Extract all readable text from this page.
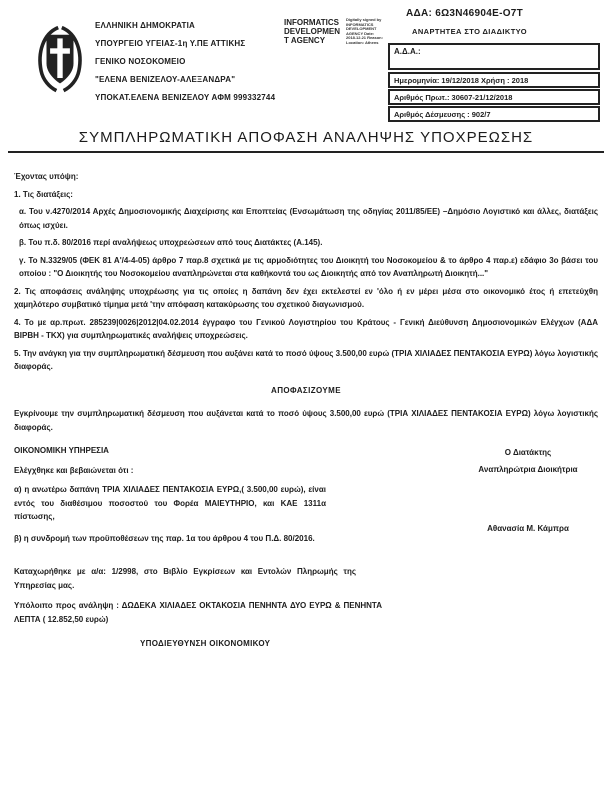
ΑΔΑ: 6Ω3N46904E-O7T
ΑΝΑΡΤΗΤΕΑ ΣΤΟ ΔΙΑΔΙΚΤΥΟ
ΕΛΛΗΝΙΚΗ ΔΗΜΟΚΡΑΤΙΑ
ΥΠΟΥΡΓΕΙΟ ΥΓΕΙΑΣ-1η Υ.ΠΕ ΑΤΤΙΚΗΣ
ΓΕΝΙΚΟ ΝΟΣΟΚΟΜΕΙΟ
"ΕΛΕΝΑ ΒΕΝΙΖΕΛΟΥ-ΑΛΕΞΑΝΔΡΑ"
ΥΠΟΚΑΤ.ΕΛΕΝΑ ΒΕΝΙΖΕΛΟΥ ΑΦΜ 999332744
INFORMATICS DEVELOPMEN T AGENCY
Digitally signed by INFORMATICS DEVELOPMENT AGENCY Date: 2018.12.21 Reason: Location: Athens
Α.Δ.Α.:
Ημερομηνία: 19/12/2018 Χρήση : 2018
Αριθμός Πρωτ.: 30607-21/12/2018
Αριθμός Δέσμευσης : 902/7
ΣΥΜΠΛΗΡΩΜΑΤΙΚΗ ΑΠΟΦΑΣΗ ΑΝΑΛΗΨΗΣ ΥΠΟΧΡΕΩΣΗΣ
Έχοντας υπόψη:
1. Τις διατάξεις:
α. Του ν.4270/2014 Αρχές Δημοσιονομικής Διαχείρισης και Εποπτείας (Ενσωμάτωση της οδηγίας 2011/85/ΕΕ) –Δημόσιο Λογιστικό και άλλες, διατάξεις όπως ισχύει.
β. Του π.δ. 80/2016 περί αναλήψεως υποχρεώσεων από τους Διατάκτες (Α.145).
γ. Το Ν.3329/05 (ΦΕΚ 81 Α'/4-4-05) άρθρο 7 παρ.8 σχετικά με τις αρμοδιότητες του Διοικητή του Νοσοκομείου & το άρθρο 4 παρ.ε) εδάφιο 3ο βάσει του οποίου : "Ο Διοικητής του Νοσοκομείου αναπληρώνεται στα καθήκοντά του ως Διοικητής από τον Αναπληρωτή Διοικητή..."
2. Τις αποφάσεις ανάληψης υποχρέωσης για τις οποίες η δαπάνη δεν έχει εκτελεστεί εν 'όλο ή εν μέρει μέσα στο οικονομικό έτος ή επετεύχθη χαμηλότερο συμβατικό τίμημα μετά 'την απόφαση κατακύρωσης του σχετικού διαγωνισμού.
4. Το με αρ.πρωτ. 285239|0026|2012|04.02.2014 έγγραφο του Γενικού Λογιστηρίου του Κράτους - Γενική Διεύθυνση Δημοσιονομικών Ελέγχων (ΑΔΑ ΒΙΡΒΗ - ΤΚΧ) για συμπληρωματικές αναλήψεις υποχρεώσεις.
5. Την ανάγκη για την συμπληρωματική δέσμευση που αυξάνει κατά το ποσό ύψους 3.500,00 ευρώ (ΤΡΙΑ ΧΙΛΙΑΔΕΣ ΠΕΝΤΑΚΟΣΙΑ ΕΥΡΩ) λόγω λογιστικής διαφοράς.
ΑΠΟΦΑΣΙΖΟΥΜΕ
Εγκρίνουμε την συμπληρωματική δέσμευση που αυξάνεται κατά το ποσό ύψους 3.500,00 ευρώ (ΤΡΙΑ ΧΙΛΙΑΔΕΣ ΠΕΝΤΑΚΟΣΙΑ ΕΥΡΩ) λόγω λογιστικής διαφοράς.
ΟΙΚΟΝΟΜΙΚΗ ΥΠΗΡΕΣΙΑ
Ελέγχθηκε και βεβαιώνεται ότι :
α) η ανωτέρω δαπάνη ΤΡΙΑ ΧΙΛΙΑΔΕΣ ΠΕΝΤΑΚΟΣΙΑ ΕΥΡΩ,( 3.500,00 ευρώ), είναι εντός του διαθέσιμου ποσοστού του Φορέα ΜΑΙΕΥΤΗΡΙΟ, και ΚΑΕ 1311α πίστωσης,
β) η συνδρομή των προϋποθέσεων της παρ. 1α του άρθρου 4 του Π.Δ. 80/2016.
Ο Διατάκτης
Αναπληρώτρια Διοικήτρια
Αθανασία Μ. Κάμπρα
Καταχωρήθηκε με α/α: 1/2998, στο Βιβλίο Εγκρίσεων και Εντολών Πληρωμής της Υπηρεσίας μας.
Υπόλοιπο προς ανάληψη : ΔΩΔΕΚΑ ΧΙΛΙΑΔΕΣ ΟΚΤΑΚΟΣΙΑ ΠΕΝΗΝΤΑ ΔΥΟ ΕΥΡΩ & ΠΕΝΗΝΤΑ ΛΕΠΤΑ ( 12.852,50 ευρώ)
ΥΠΟΔΙΕΥΘΥΝΣΗ ΟΙΚΟΝΟΜΙΚΟΥ
